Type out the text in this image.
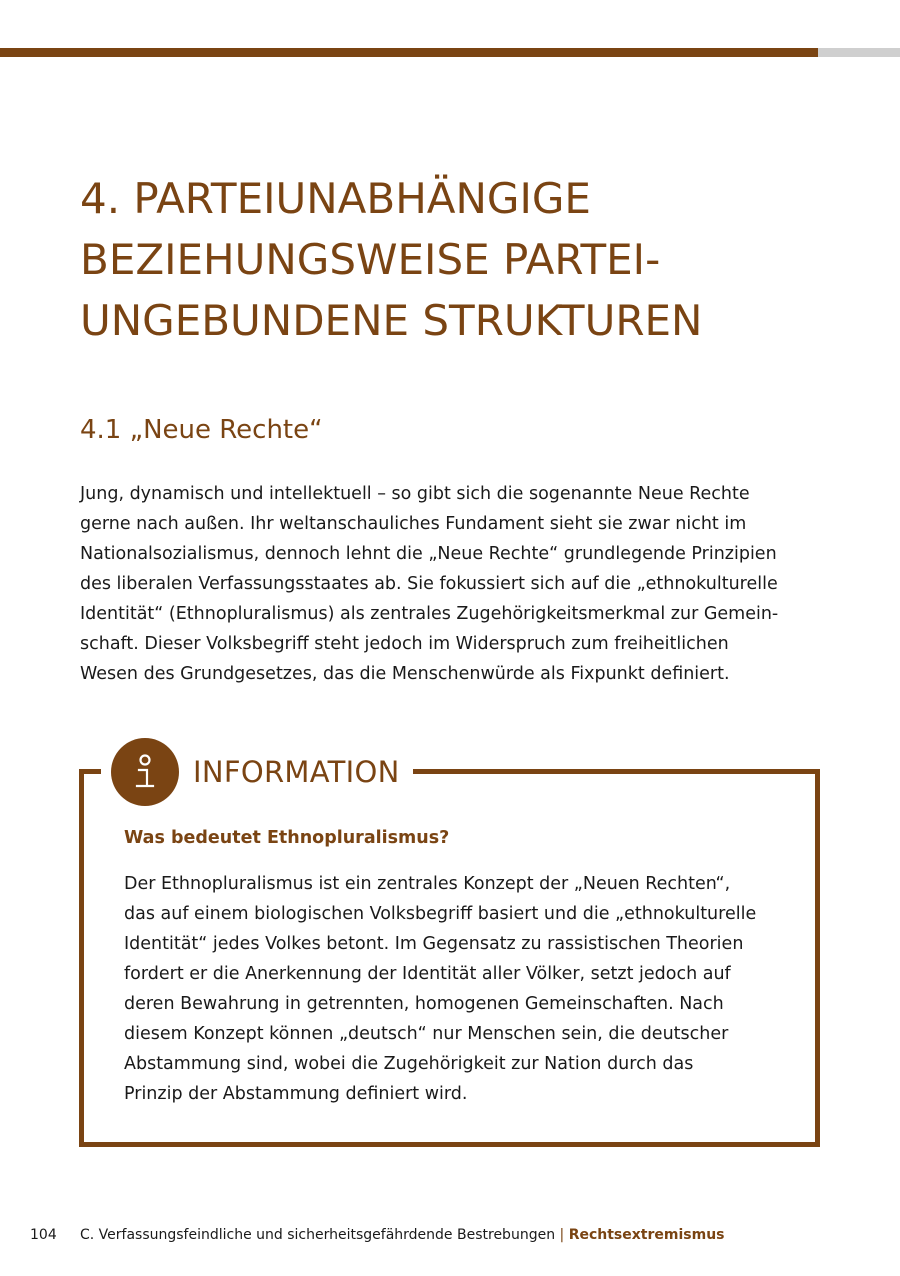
4. PARTEIUNABHÄNGIGE
BEZIEHUNGSWEISE PARTEI-
UNGEBUNDENE STRUKTUREN
4.1 „Neue Rechte“

Jung, dynamisch und intellektuell – so gibt sich die sogenannte Neue Rechte
gerne nach außen. Ihr weltanschauliches Fundament sieht sie zwar nicht im
Nationalsozialismus, dennoch lehnt die „Neue Rechte“ grundlegende Prinzipien
des liberalen Verfassungsstaates ab. Sie fokussiert sich auf die „ethnokulturelle
Identität“ (Ethnopluralismus) als zentrales Zugehörigkeitsmerkmal zur Gemein-
schaft. Dieser Volksbegriff steht jedoch im Widerspruch zum freiheitlichen
Wesen des Grundgesetzes, das die Menschenwürde als Fixpunkt definiert.

INFORMATION
Was bedeutet Ethnopluralismus?

Der Ethnopluralismus ist ein zentrales Konzept der „Neuen Rechten“,
das auf einem biologischen Volksbegriff basiert und die „ethnokulturelle
Identität“ jedes Volkes betont. Im Gegensatz zu rassistischen Theorien
fordert er die Anerkennung der Identität aller Völker, setzt jedoch auf
deren Bewahrung in getrennten, homogenen Gemeinschaften. Nach
diesem Konzept können „deutsch“ nur Menschen sein, die deutscher
Abstammung sind, wobei die Zugehörigkeit zur Nation durch das
Prinzip der Abstammung definiert wird.

104 C. Verfassungsfeindliche und sicherheitsgefährdende Bestrebungen | Rechtsextremismus
